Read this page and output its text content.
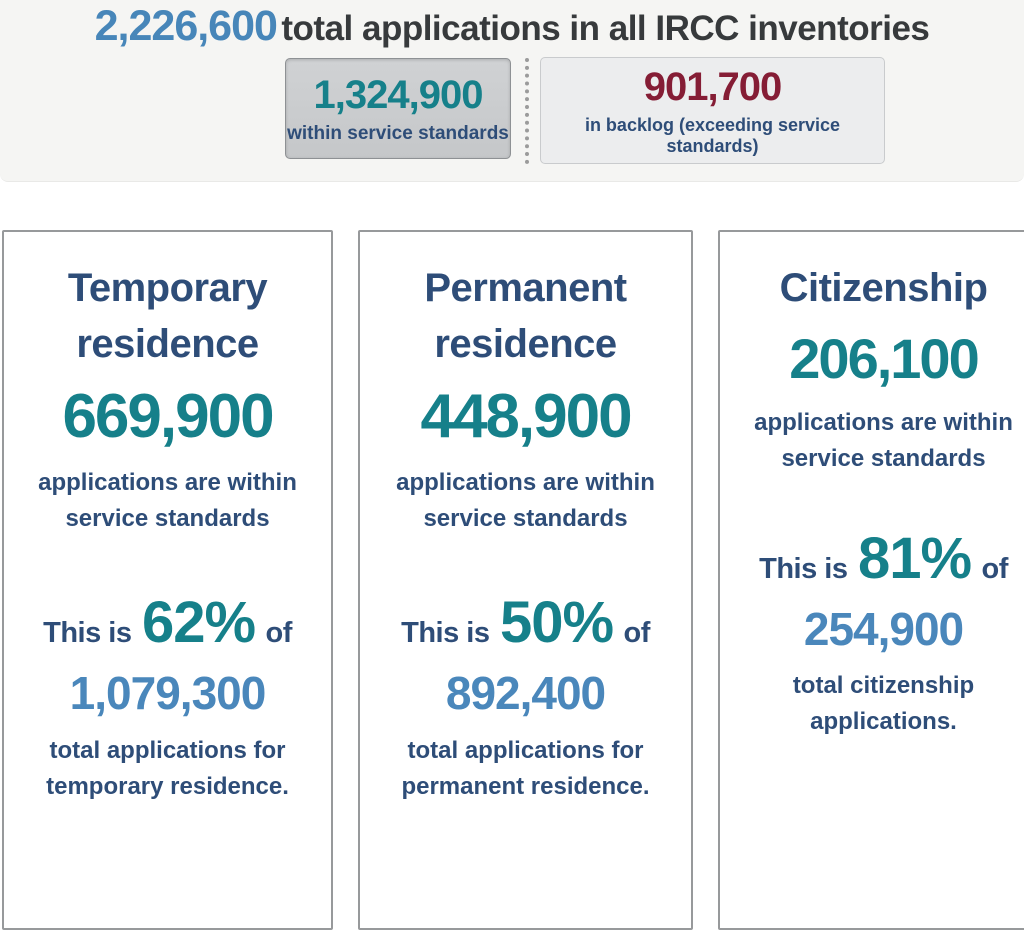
2,226,600 total applications in all IRCC inventories
1,324,900
within service standards
901,700
in backlog (exceeding service standards)
Temporary residence
669,900
applications are within service standards
This is 62% of
1,079,300
total applications for temporary residence.
Permanent residence
448,900
applications are within service standards
This is 50% of
892,400
total applications for permanent residence.
Citizenship
206,100
applications are within service standards
This is 81% of
254,900
total citizenship applications.
